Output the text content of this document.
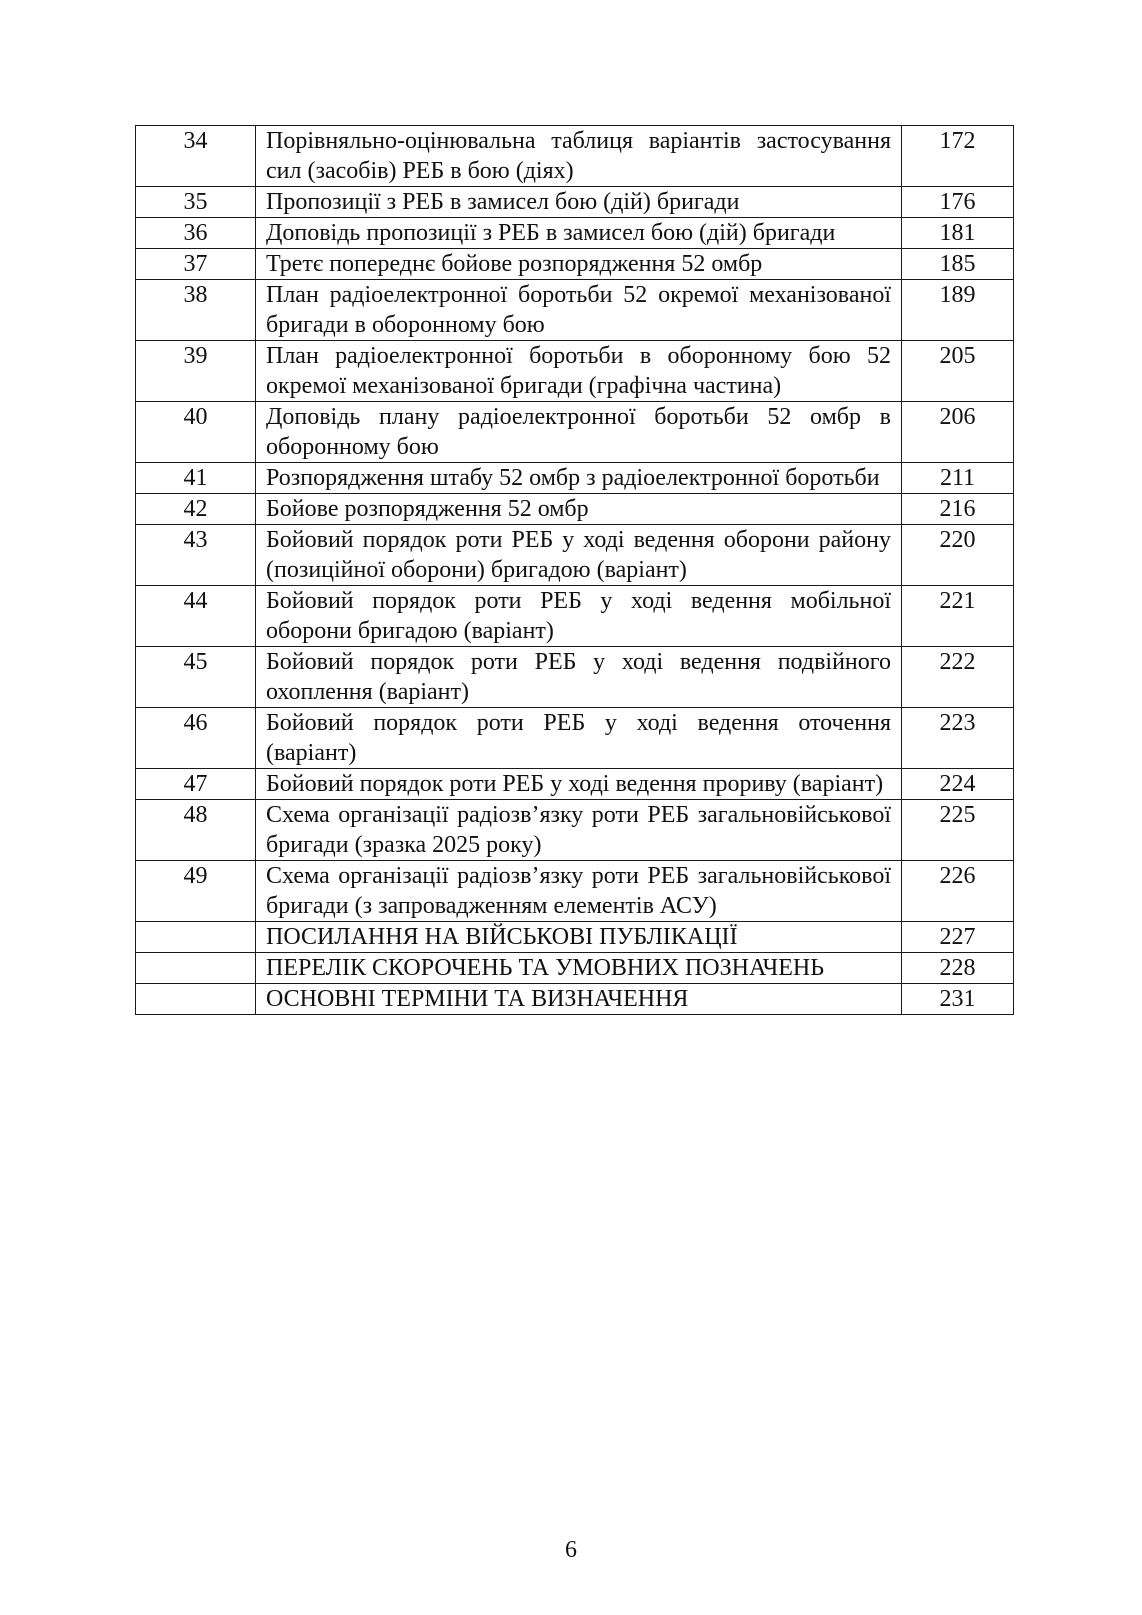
34	Порівняльно-оцінювальна таблиця варіантів застосування сил (засобів) РЕБ в бою (діях)	172
35	Пропозиції з РЕБ в замисел бою (дій) бригади	176
36	Доповідь пропозиції з РЕБ в замисел бою (дій) бригади	181
37	Третє попереднє бойове розпорядження 52 омбр	185
38	План радіоелектронної боротьби 52 окремої механізованої бригади в оборонному бою	189
39	План радіоелектронної боротьби в оборонному бою 52 окремої механізованої бригади (графічна частина)	205
40	Доповідь плану радіоелектронної боротьби 52 омбр в оборонному бою	206
41	Розпорядження штабу 52 омбр з радіоелектронної боротьби	211
42	Бойове розпорядження 52 омбр	216
43	Бойовий порядок роти РЕБ у ході ведення оборони району (позиційної оборони) бригадою (варіант)	220
44	Бойовий порядок роти РЕБ у ході ведення мобільної оборони бригадою (варіант)	221
45	Бойовий порядок роти РЕБ у ході ведення подвійного охоплення (варіант)	222
46	Бойовий порядок роти РЕБ у ході ведення оточення (варіант)	223
47	Бойовий порядок роти РЕБ у ході ведення прориву (варіант)	224
48	Схема організації радіозв’язку роти РЕБ загальновійськової бригади (зразка 2025 року)	225
49	Схема організації радіозв’язку роти РЕБ загальновійськової бригади (з запровадженням елементів АСУ)	226
	ПОСИЛАННЯ НА ВІЙСЬКОВІ ПУБЛІКАЦІЇ	227
	ПЕРЕЛІК СКОРОЧЕНЬ ТА УМОВНИХ ПОЗНАЧЕНЬ	228
	ОСНОВНІ ТЕРМІНИ ТА ВИЗНАЧЕННЯ	231
6
